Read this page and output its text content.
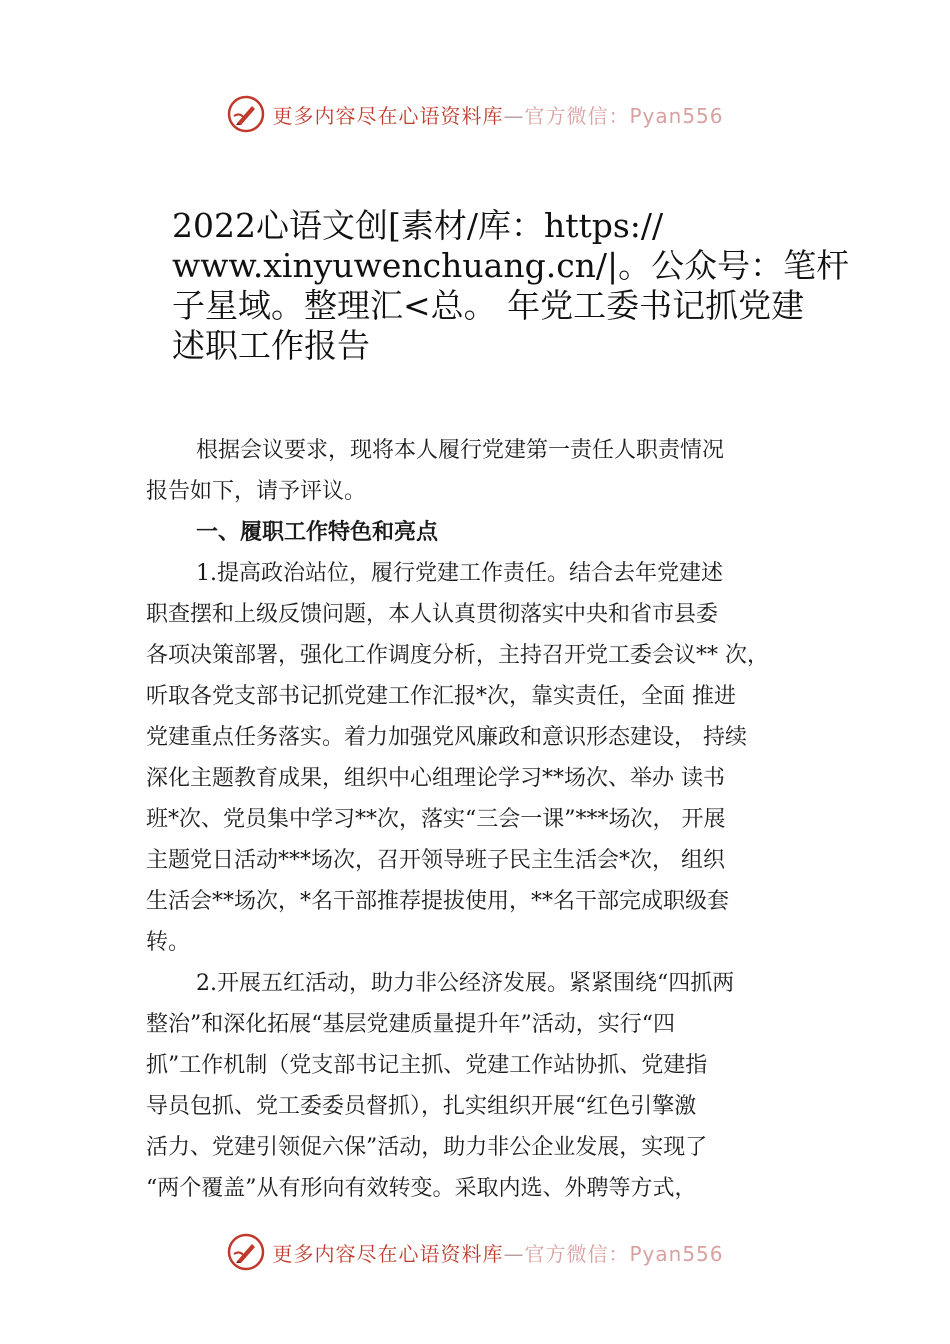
更多内容尽在心语资料库—官方微信：Pyan556
2022心语文创[素材/库：https://
www.xinyuwenchuang.cn/|。公众号：笔杆
子星域。整理汇<总。 年党工委书记抓党建
述职工作报告
根据会议要求，现将本人履行党建第一责任人职责情况
报告如下，请予评议。
一、履职工作特色和亮点
1.提高政治站位，履行党建工作责任。结合去年党建述
职查摆和上级反馈问题，本人认真贯彻落实中央和省市县委
各项决策部署，强化工作调度分析，主持召开党工委会议** 次，
听取各党支部书记抓党建工作汇报*次，靠实责任，全面 推进
党建重点任务落实。着力加强党风廉政和意识形态建设， 持续
深化主题教育成果，组织中心组理论学习**场次、举办 读书
班*次、党员集中学习**次，落实“三会一课”***场次， 开展
主题党日活动***场次，召开领导班子民主生活会*次， 组织
生活会**场次，*名干部推荐提拔使用，**名干部完成职级套
转。
2.开展五红活动，助力非公经济发展。紧紧围绕“四抓两
整治”和深化拓展“基层党建质量提升年”活动，实行“四
抓”工作机制（党支部书记主抓、党建工作站协抓、党建指
导员包抓、党工委委员督抓），扎实组织开展“红色引擎激
活力、党建引领促六保”活动，助力非公企业发展，实现了
“两个覆盖”从有形向有效转变。采取内选、外聘等方式，
更多内容尽在心语资料库—官方微信：Pyan556
